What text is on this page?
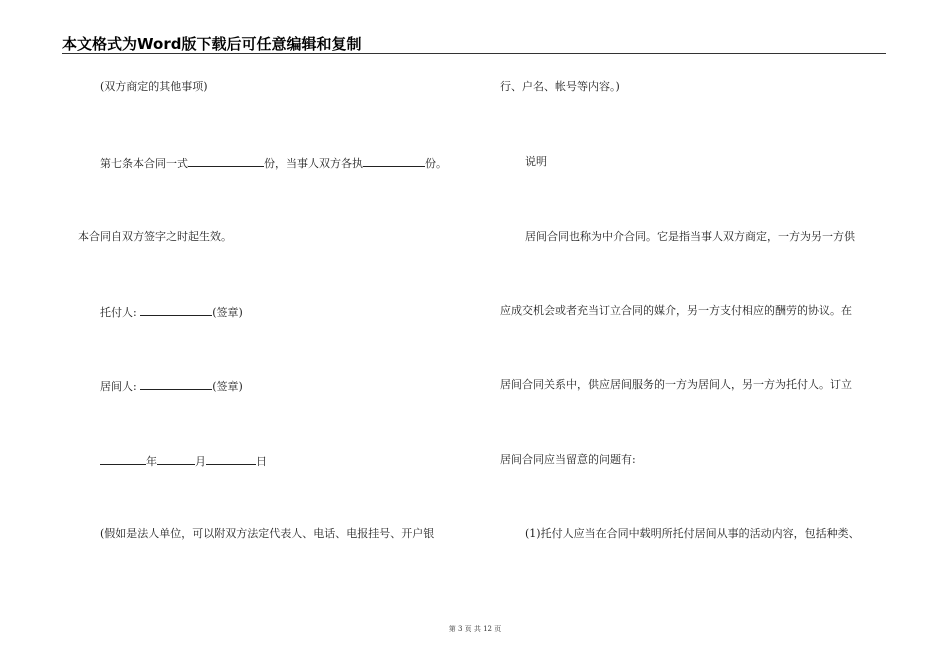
本文格式为Word版下载后可任意编辑和复制
(双方商定的其他事项)
第七条本合同一式	份，当事人双方各执	份。
本合同自双方签字之时起生效。
托付人:	(签章)
居间人:	(签章)
年	月	日
(假如是法人单位，可以附双方法定代表人、电话、电报挂号、开户银
行、户名、帐号等内容。)
说明
居间合同也称为中介合同。它是指当事人双方商定，一方为另一方供
应成交机会或者充当订立合同的媒介，另一方支付相应的酬劳的协议。在
居间合同关系中，供应居间服务的一方为居间人，另一方为托付人。订立
居间合同应当留意的问题有:
(1)托付人应当在合同中载明所托付居间从事的活动内容，包括种类、
第 3 页 共 12 页
